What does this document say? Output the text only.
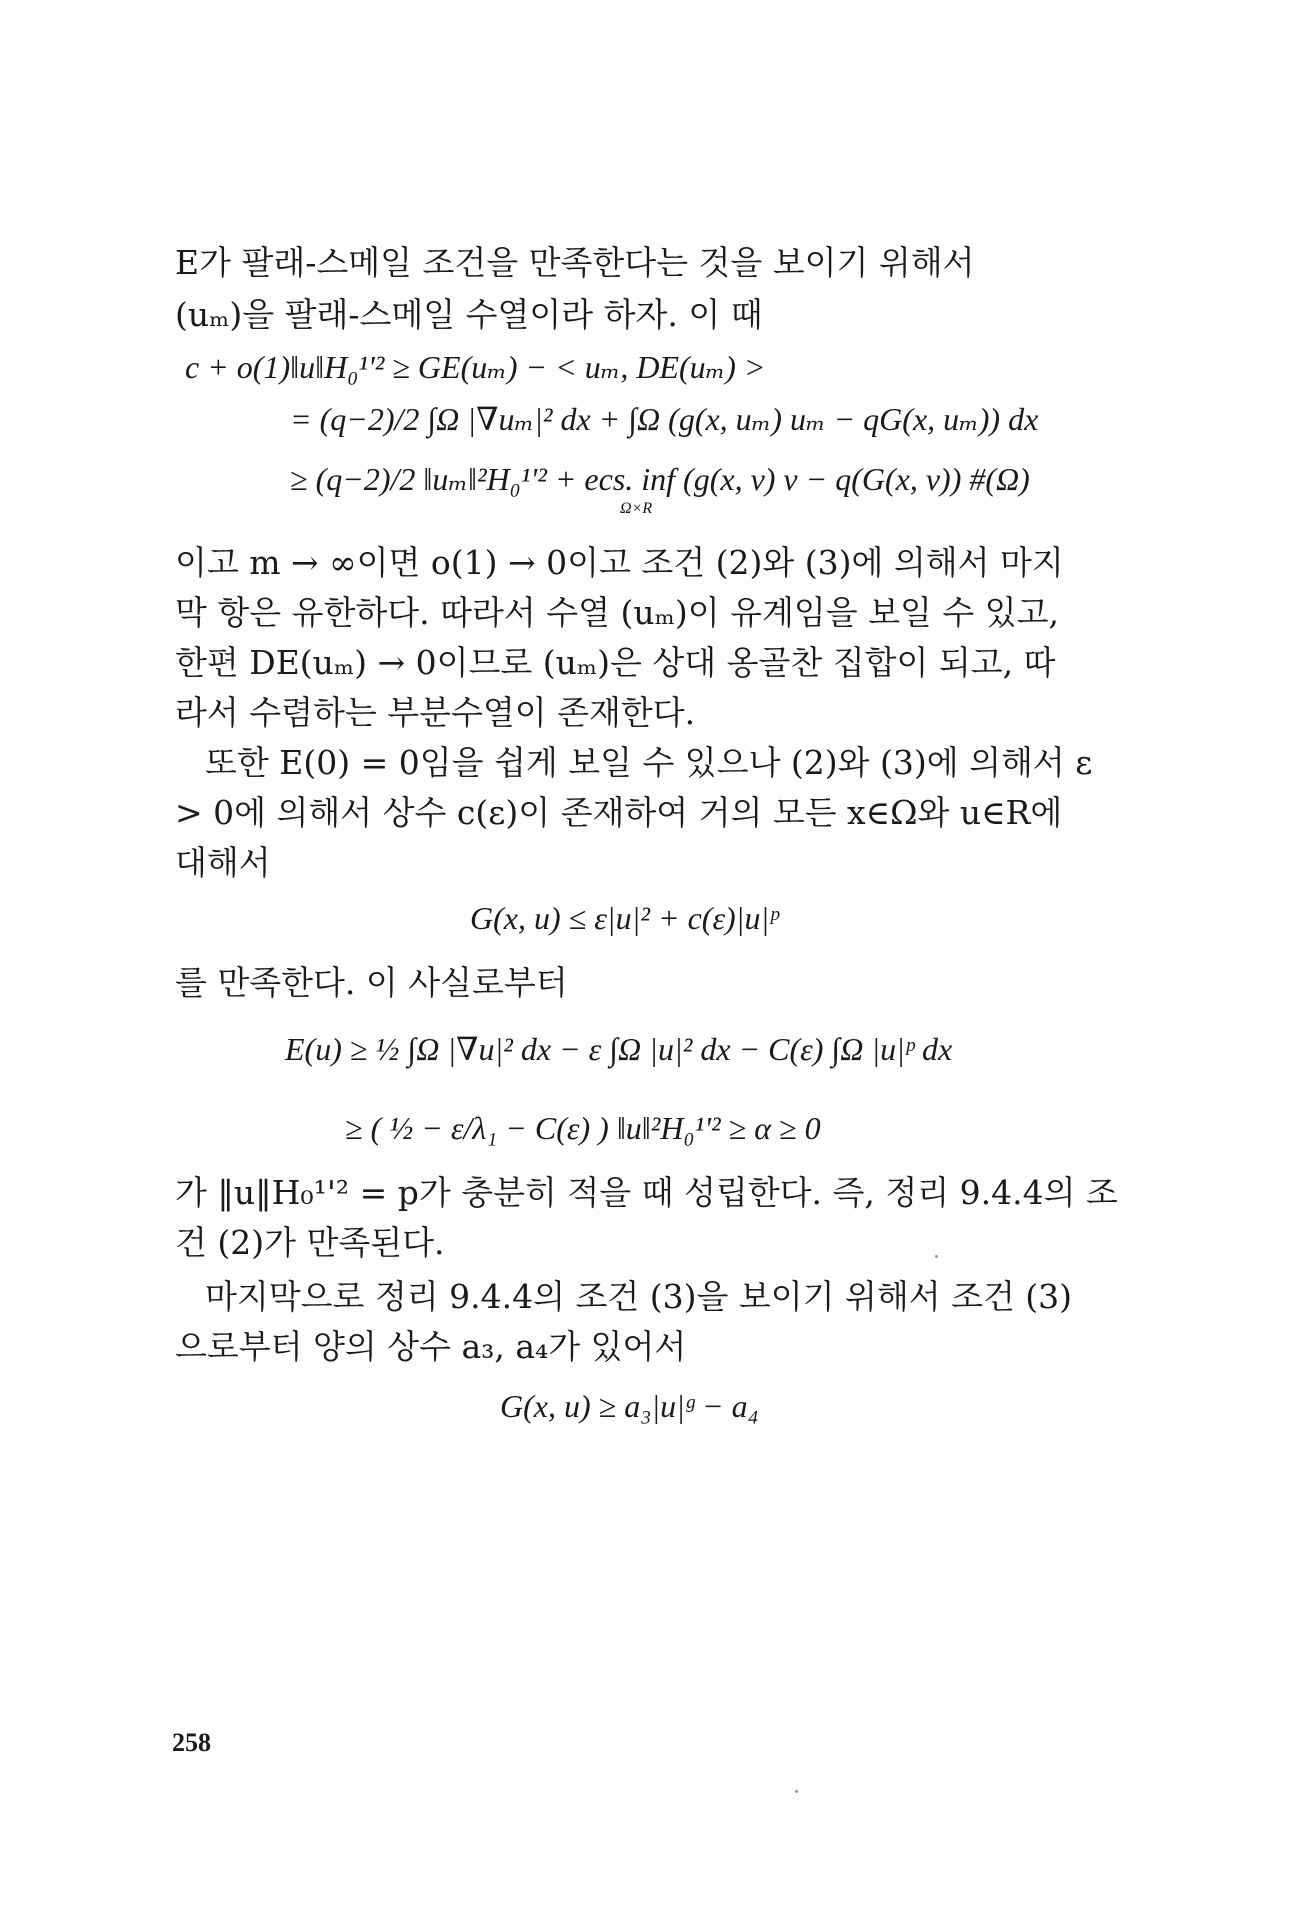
E가 팔래-스메일 조건을 만족한다는 것을 보이기 위해서
(uₘ)을 팔래-스메일 수열이라 하자. 이 때
c + o(1)‖u‖H₀¹'² ≥ GE(uₘ) − < uₘ, DE(uₘ) >
= (q−2)/2 ∫Ω |∇uₘ|² dx + ∫Ω (g(x, uₘ) uₘ − qG(x, uₘ)) dx
≥ (q−2)/2 ‖uₘ‖²H₀¹'² + ecs. inf (g(x, v) v − q(G(x, v)) #(Ω)
Ω×R
이고 m → ∞이면 o(1) → 0이고 조건 (2)와 (3)에 의해서 마지
막 항은 유한하다. 따라서 수열 (uₘ)이 유계임을 보일 수 있고,
한편 DE(uₘ) → 0이므로 (uₘ)은 상대 옹골찬 집합이 되고, 따
라서 수렴하는 부분수열이 존재한다.
또한 E(0) = 0임을 쉽게 보일 수 있으나 (2)와 (3)에 의해서 ε
> 0에 의해서 상수 c(ε)이 존재하여 거의 모든 x∈Ω와 u∈R에
대해서
G(x, u) ≤ ε|u|² + c(ε)|u|ᵖ
를 만족한다. 이 사실로부터
E(u) ≥ ½ ∫Ω |∇u|² dx − ε ∫Ω |u|² dx − C(ε) ∫Ω |u|ᵖ dx
≥ ( ½ − ε/λ₁ − C(ε) ) ‖u‖²H₀¹'² ≥ α ≥ 0
가 ‖u‖H₀¹'² = p가 충분히 적을 때 성립한다. 즉, 정리 9.4.4의 조
건 (2)가 만족된다.
마지막으로 정리 9.4.4의 조건 (3)을 보이기 위해서 조건 (3)
으로부터 양의 상수 a₃, a₄가 있어서
G(x, u) ≥ a₃|u|ᵍ − a₄
258
